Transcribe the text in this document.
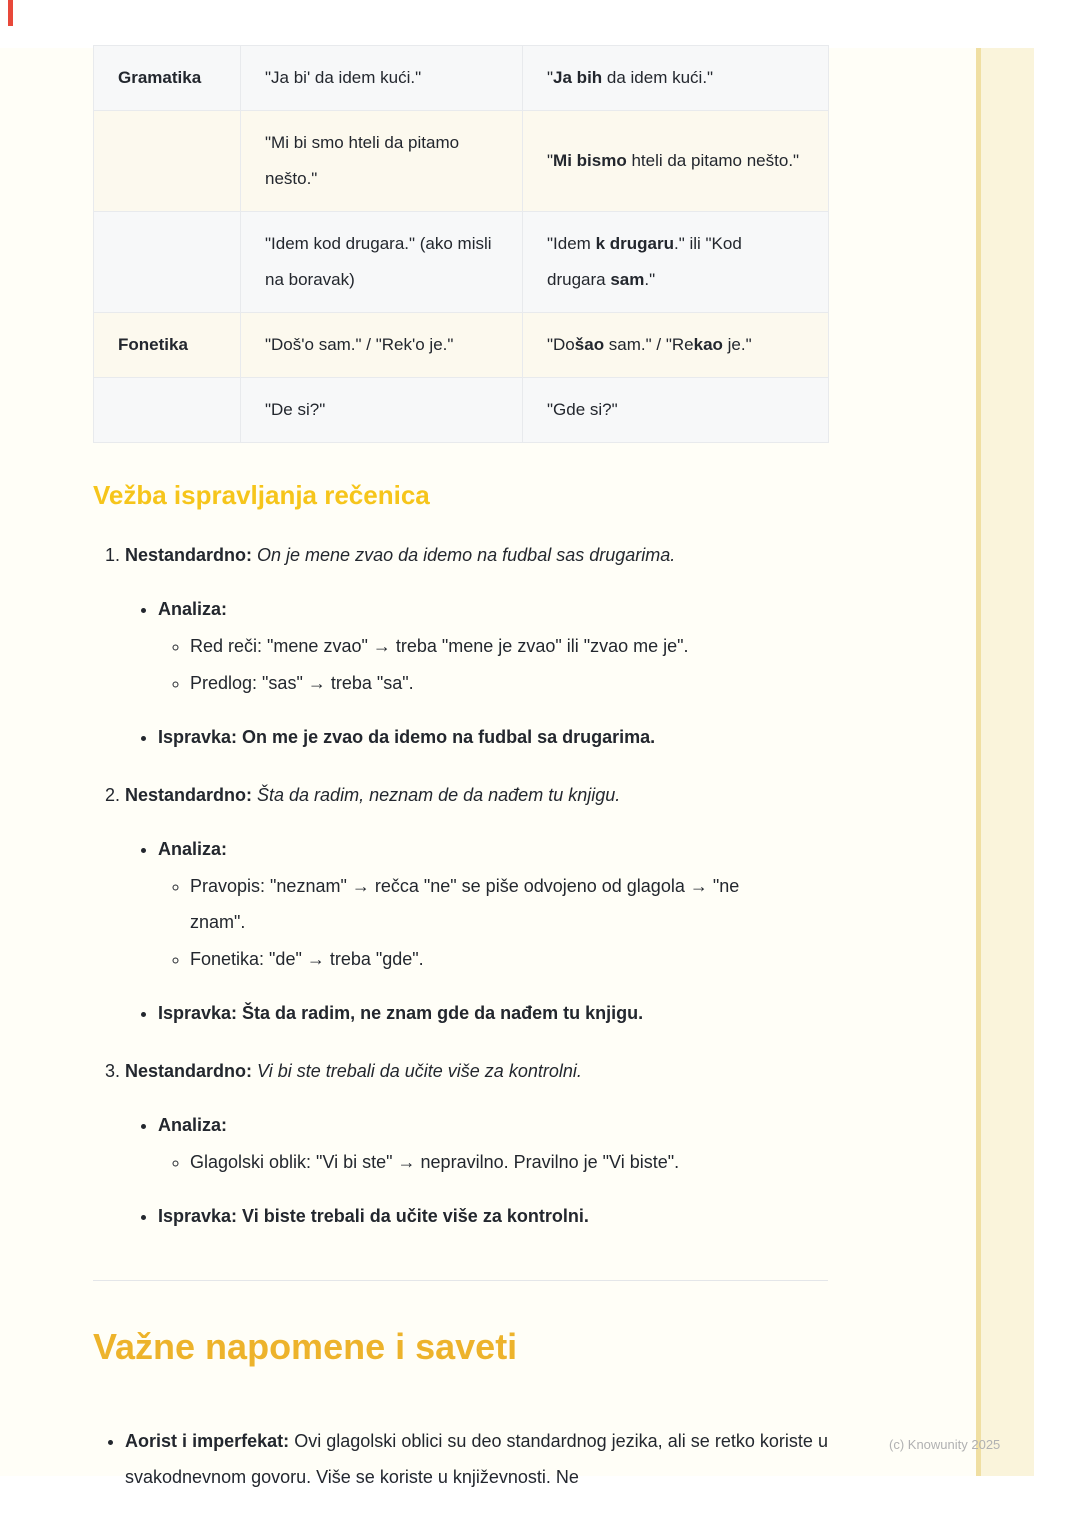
Gramatika	"Ja bi' da idem kući."	"Ja bih da idem kući."
	"Mi bi smo hteli da pitamo nešto."	"Mi bismo hteli da pitamo nešto."
	"Idem kod drugara." (ako misli na boravak)	"Idem k drugaru." ili "Kod drugara sam."
Fonetika	"Doš'o sam." / "Rek'o je."	"Došao sam." / "Rekao je."
	"De si?"	"Gde si?"
Vežba ispravljanja rečenica
1. Nestandardno: On je mene zvao da idemo na fudbal sas drugarima.
• Analiza:
◦ Red reči: "mene zvao" → treba "mene je zvao" ili "zvao me je".
◦ Predlog: "sas" → treba "sa".
• Ispravka: On me je zvao da idemo na fudbal sa drugarima.
2. Nestandardno: Šta da radim, neznam de da nađem tu knjigu.
• Analiza:
◦ Pravopis: "neznam" → rečca "ne" se piše odvojeno od glagola → "ne znam".
◦ Fonetika: "de" → treba "gde".
• Ispravka: Šta da radim, ne znam gde da nađem tu knjigu.
3. Nestandardno: Vi bi ste trebali da učite više za kontrolni.
• Analiza:
◦ Glagolski oblik: "Vi bi ste" → nepravilno. Pravilno je "Vi biste".
• Ispravka: Vi biste trebali da učite više za kontrolni.
Važne napomene i saveti
• Aorist i imperfekat: Ovi glagolski oblici su deo standardnog jezika, ali se retko koriste u svakodnevnom govoru. Više se koriste u književnosti. Ne
(c) Knowunity 2025
